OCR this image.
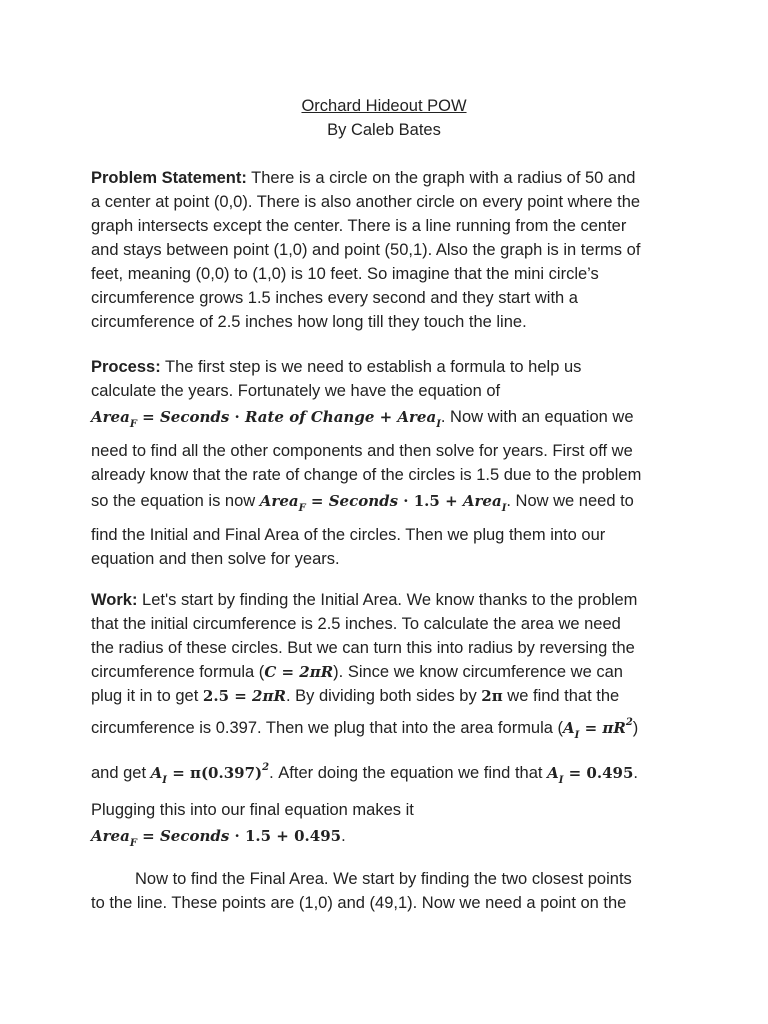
Orchard Hideout POW
By Caleb Bates
Problem Statement: There is a circle on the graph with a radius of 50 and
a center at point (0,0). There is also another circle on every point where the
graph intersects except the center. There is a line running from the center
and stays between point (1,0) and point (50,1). Also the graph is in terms of
feet, meaning (0,0) to (1,0) is 10 feet. So imagine that the mini circle’s
circumference grows 1.5 inches every second and they start with a
circumference of 2.5 inches how long till they touch the line.
Process: The first step is we need to establish a formula to help us
calculate the years. Fortunately we have the equation of
Area$_F$ = Seconds · Rate of Change + Area$_I$. Now with an equation we
need to find all the other components and then solve for years. First off we
already know that the rate of change of the circles is 1.5 due to the problem
so the equation is now Area$_F$ = Seconds · 1.5 + Area$_I$. Now we need to
find the Initial and Final Area of the circles. Then we plug them into our
equation and then solve for years.
Work: Let's start by finding the Initial Area. We know thanks to the problem
that the initial circumference is 2.5 inches. To calculate the area we need
the radius of these circles. But we can turn this into radius by reversing the
circumference formula (C = 2πR). Since we know circumference we can
plug it in to get 2.5 = 2πR. By dividing both sides by 2π we find that the
circumference is 0.397. Then we plug that into the area formula $(A_I = \pi R^2)$
and get $A_I = \pi(0.397)^2$. After doing the equation we find that $A_I = 0.495$.
Plugging this into our final equation makes it
Area$_F$ = Seconds · 1.5 + 0.495.
Now to find the Final Area. We start by finding the two closest points
to the line. These points are (1,0) and (49,1). Now we need a point on the
